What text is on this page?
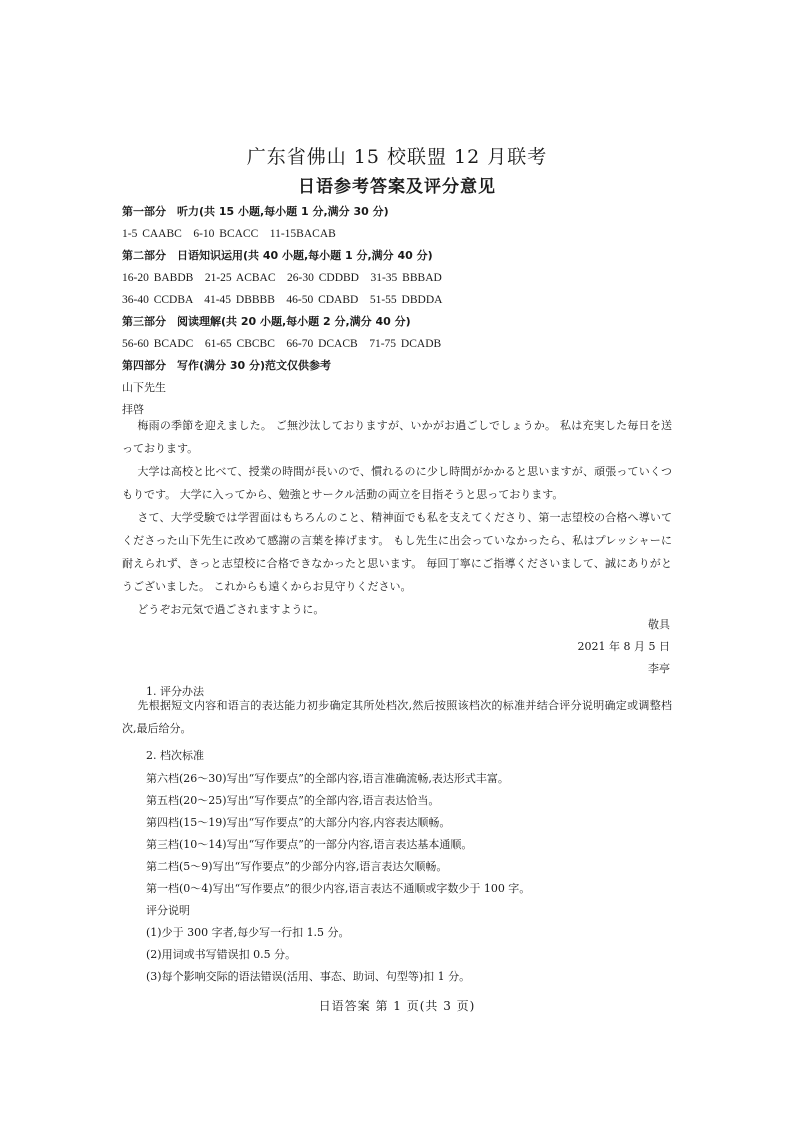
广东省佛山 15 校联盟 12 月联考
日语参考答案及评分意见
第一部分　听力(共 15 小题,每小题 1 分,满分 30 分)
1-5 CAABC　6-10 BCACC　11-15BACAB
第二部分　日语知识运用(共 40 小题,每小题 1 分,满分 40 分)
16-20 BABDB　21-25 ACBAC　26-30 CDDBD　31-35 BBBAD
36-40 CCDBA　41-45 DBBBB　46-50 CDABD　51-55 DBDDA
第三部分　阅读理解(共 20 小题,每小题 2 分,满分 40 分)
56-60 BCADC　61-65 CBCBC　66-70 DCACB　71-75 DCADB
第四部分　写作(满分 30 分)范文仅供参考
山下先生
拝啓
梅雨の季節を迎えました。 ご無沙汰しておりますが、いかがお過ごしでしょうか。 私は充実した毎日を送っております。
大学は高校と比べて、授業の時間が長いので、慣れるのに少し時間がかかると思いますが、頑張っていくつもりです。 大学に入ってから、勉強とサークル活動の両立を目指そうと思っております。
さて、大学受験では学習面はもちろんのこと、精神面でも私を支えてくださり、第一志望校の合格へ導いてくださった山下先生に改めて感謝の言葉を捧げます。 もし先生に出会っていなかったら、私はプレッシャーに耐えられず、きっと志望校に合格できなかったと思います。 毎回丁寧にご指導くださいまして、誠にありがとうございました。 これからも遠くからお見守りください。
どうぞお元気で過ごされますように。
敬具
2021 年 8 月 5 日
李亭
1. 评分办法
先根据短文内容和语言的表达能力初步确定其所处档次,然后按照该档次的标准并结合评分说明确定或调整档次,最后给分。
2. 档次标准
第六档(26～30)写出“写作要点”的全部内容,语言准确流畅,表达形式丰富。
第五档(20～25)写出“写作要点”的全部内容,语言表达恰当。
第四档(15～19)写出“写作要点”的大部分内容,内容表达顺畅。
第三档(10～14)写出“写作要点”的一部分内容,语言表达基本通顺。
第二档(5～9)写出“写作要点”的少部分内容,语言表达欠顺畅。
第一档(0～4)写出“写作要点”的很少内容,语言表达不通顺或字数少于 100 字。
评分说明
(1)少于 300 字者,每少写一行扣 1.5 分。
(2)用词或书写错误扣 0.5 分。
(3)每个影响交际的语法错误(活用、事态、助词、句型等)扣 1 分。
日语答案 第 1 页(共 3 页)
